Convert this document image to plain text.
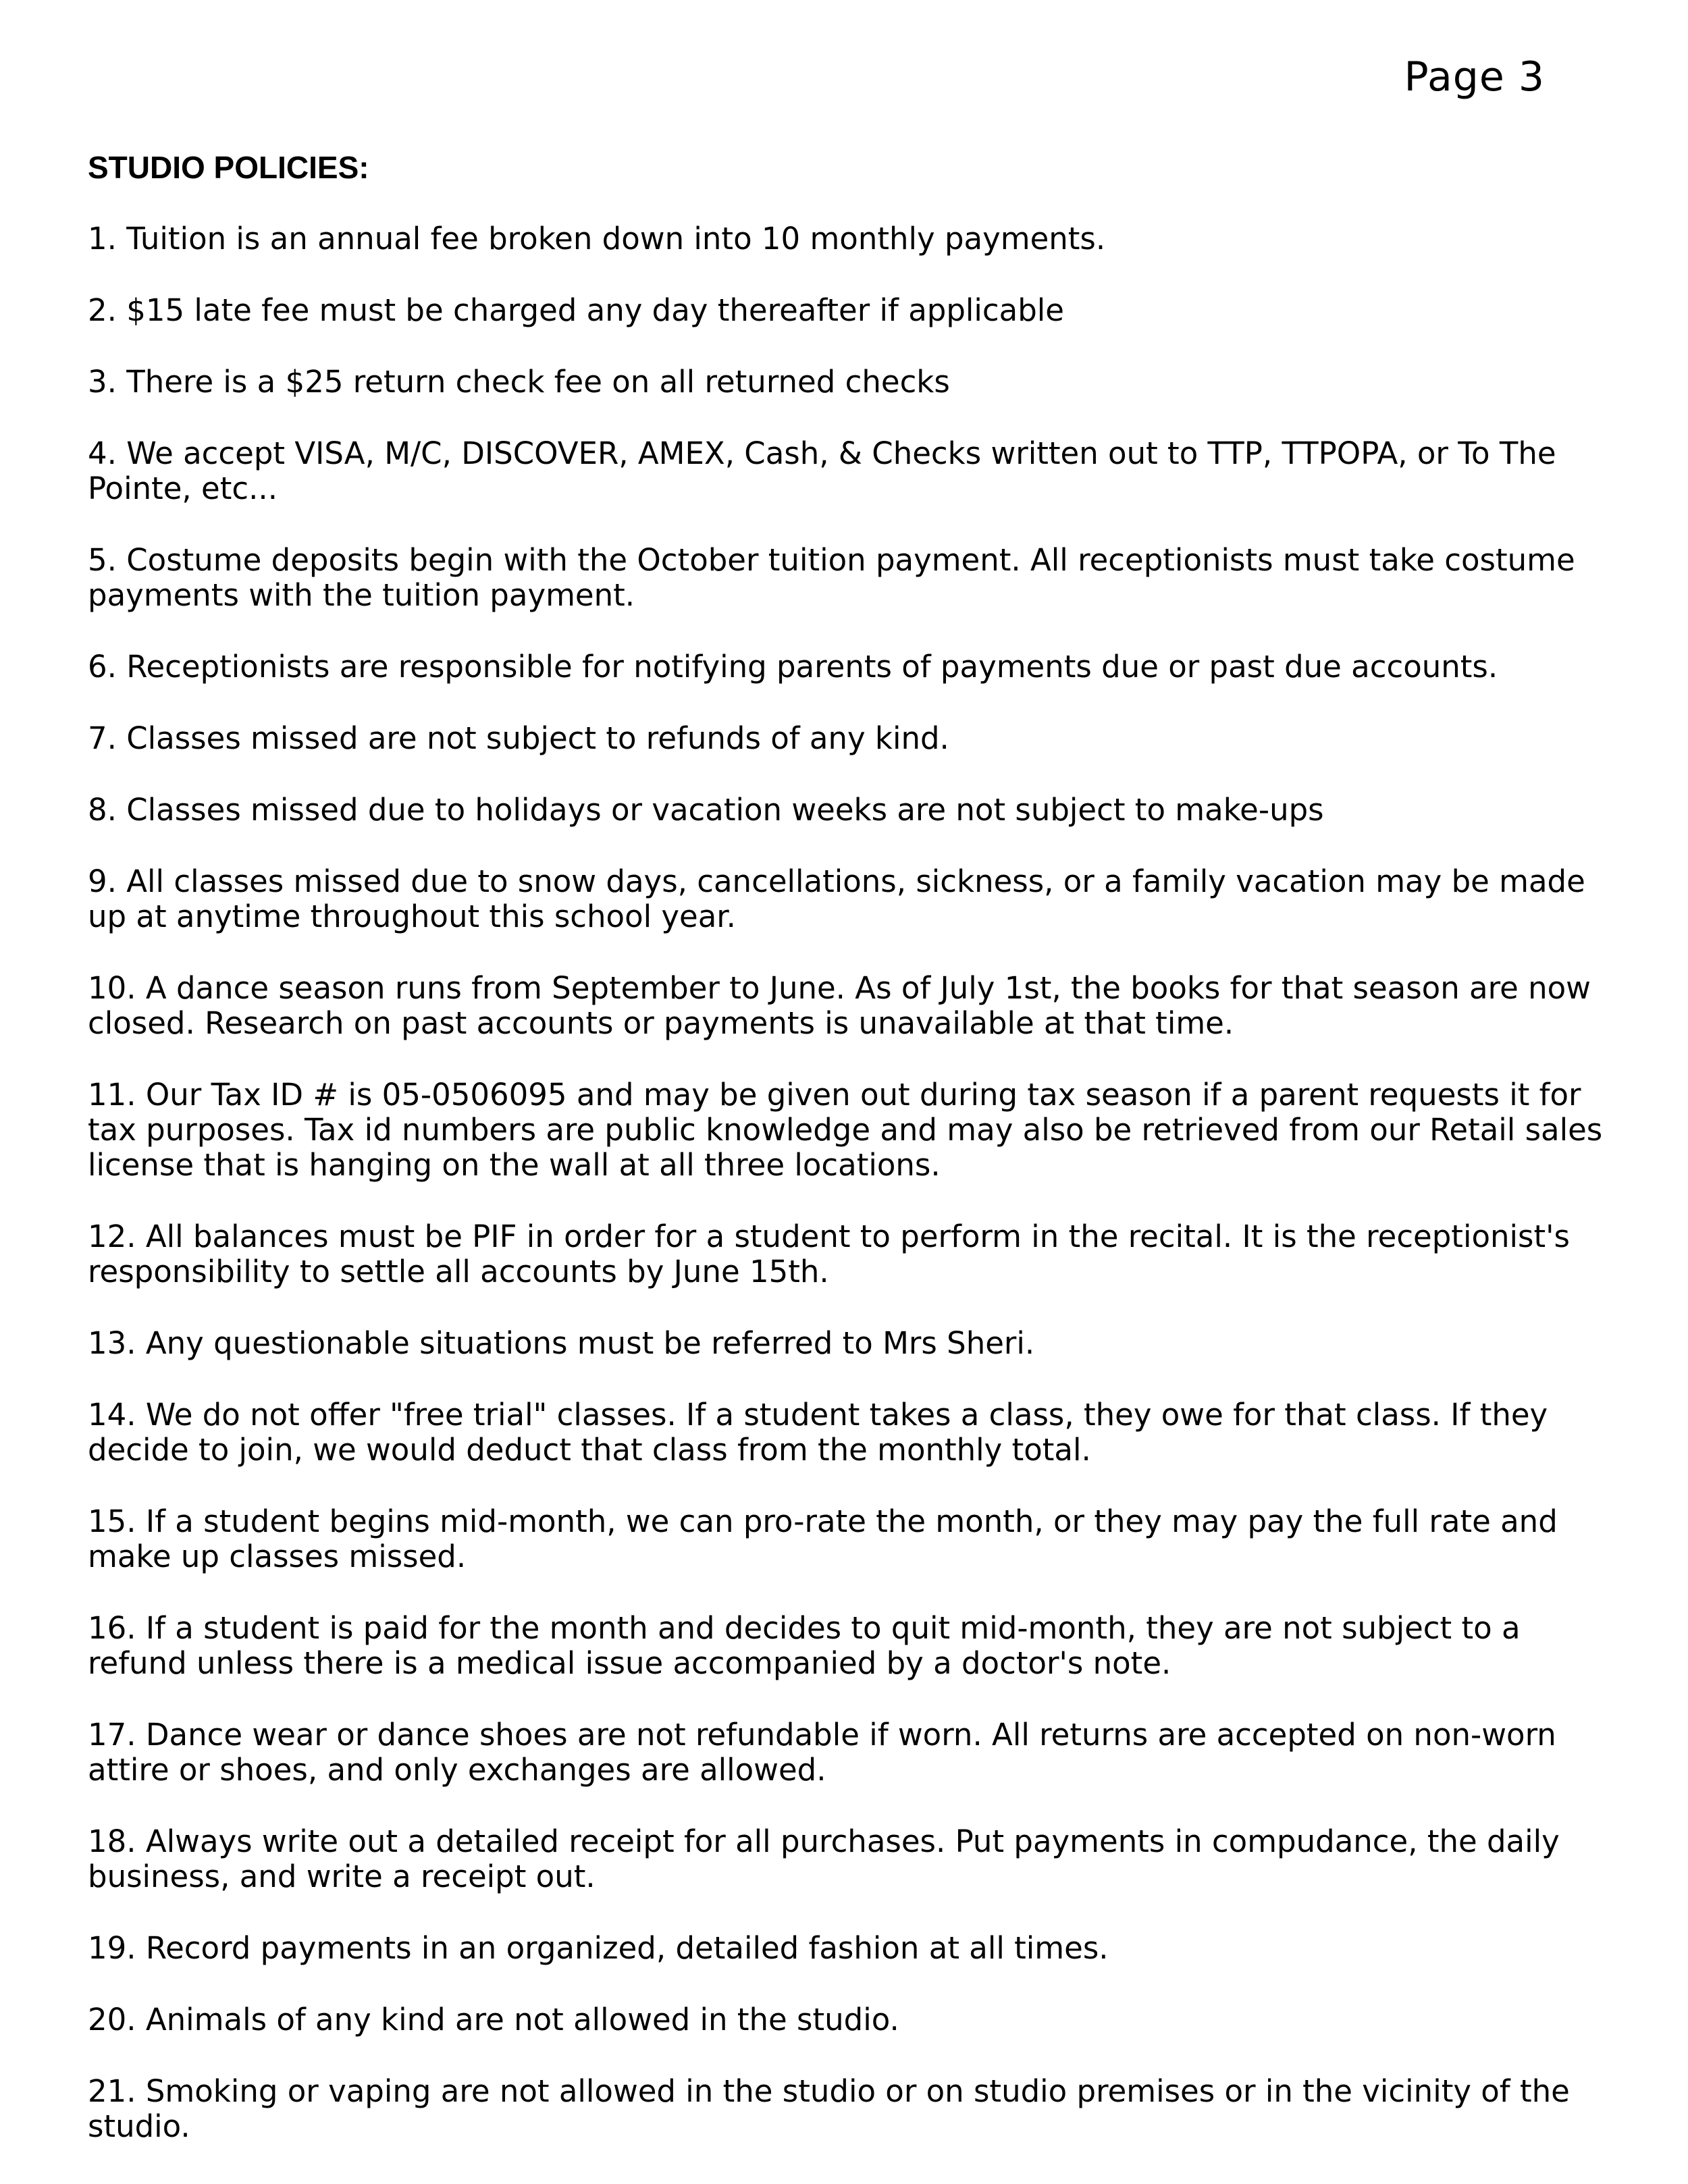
Page 3
STUDIO POLICIES:
1. Tuition is an annual fee broken down into 10 monthly payments.
2. $15 late fee must be charged any day thereafter if applicable
3. There is a $25 return check fee on all returned checks
4. We accept VISA, M/C, DISCOVER, AMEX, Cash, & Checks written out to TTP, TTPOPA, or To The Pointe, etc...
5. Costume deposits begin with the October tuition payment. All receptionists must take costume payments with the tuition payment.
6. Receptionists are responsible for notifying parents of payments due or past due accounts.
7. Classes missed are not subject to refunds of any kind.
8. Classes missed due to holidays or vacation weeks are not subject to make-ups
9. All classes missed due to snow days, cancellations, sickness, or a family vacation may be made up at anytime throughout this school year.
10. A dance season runs from September to June. As of July 1st, the books for that season are now closed. Research on past accounts or payments is unavailable at that time.
11. Our Tax ID # is 05-0506095 and may be given out during tax season if a parent requests it for tax purposes. Tax id numbers are public knowledge and may also be retrieved from our Retail sales license that is hanging on the wall at all three locations.
12. All balances must be PIF in order for a student to perform in the recital. It is the receptionist's responsibility to settle all accounts by June 15th.
13. Any questionable situations must be referred to Mrs Sheri.
14. We do not offer "free trial" classes. If a student takes a class, they owe for that class. If they decide to join, we would deduct that class from the monthly total.
15. If a student begins mid-month, we can pro-rate the month, or they may pay the full rate and make up classes missed.
16. If a student is paid for the month and decides to quit mid-month, they are not subject to a refund unless there is a medical issue accompanied by a doctor's note.
17. Dance wear or dance shoes are not refundable if worn. All returns are accepted on non-worn attire or shoes, and only exchanges are allowed.
18. Always write out a detailed receipt for all purchases. Put payments in compudance, the daily business, and write a receipt out.
19. Record payments in an organized, detailed fashion at all times.
20. Animals of any kind are not allowed in the studio.
21. Smoking or vaping are not allowed in the studio or on studio premises or in the vicinity of the studio.
